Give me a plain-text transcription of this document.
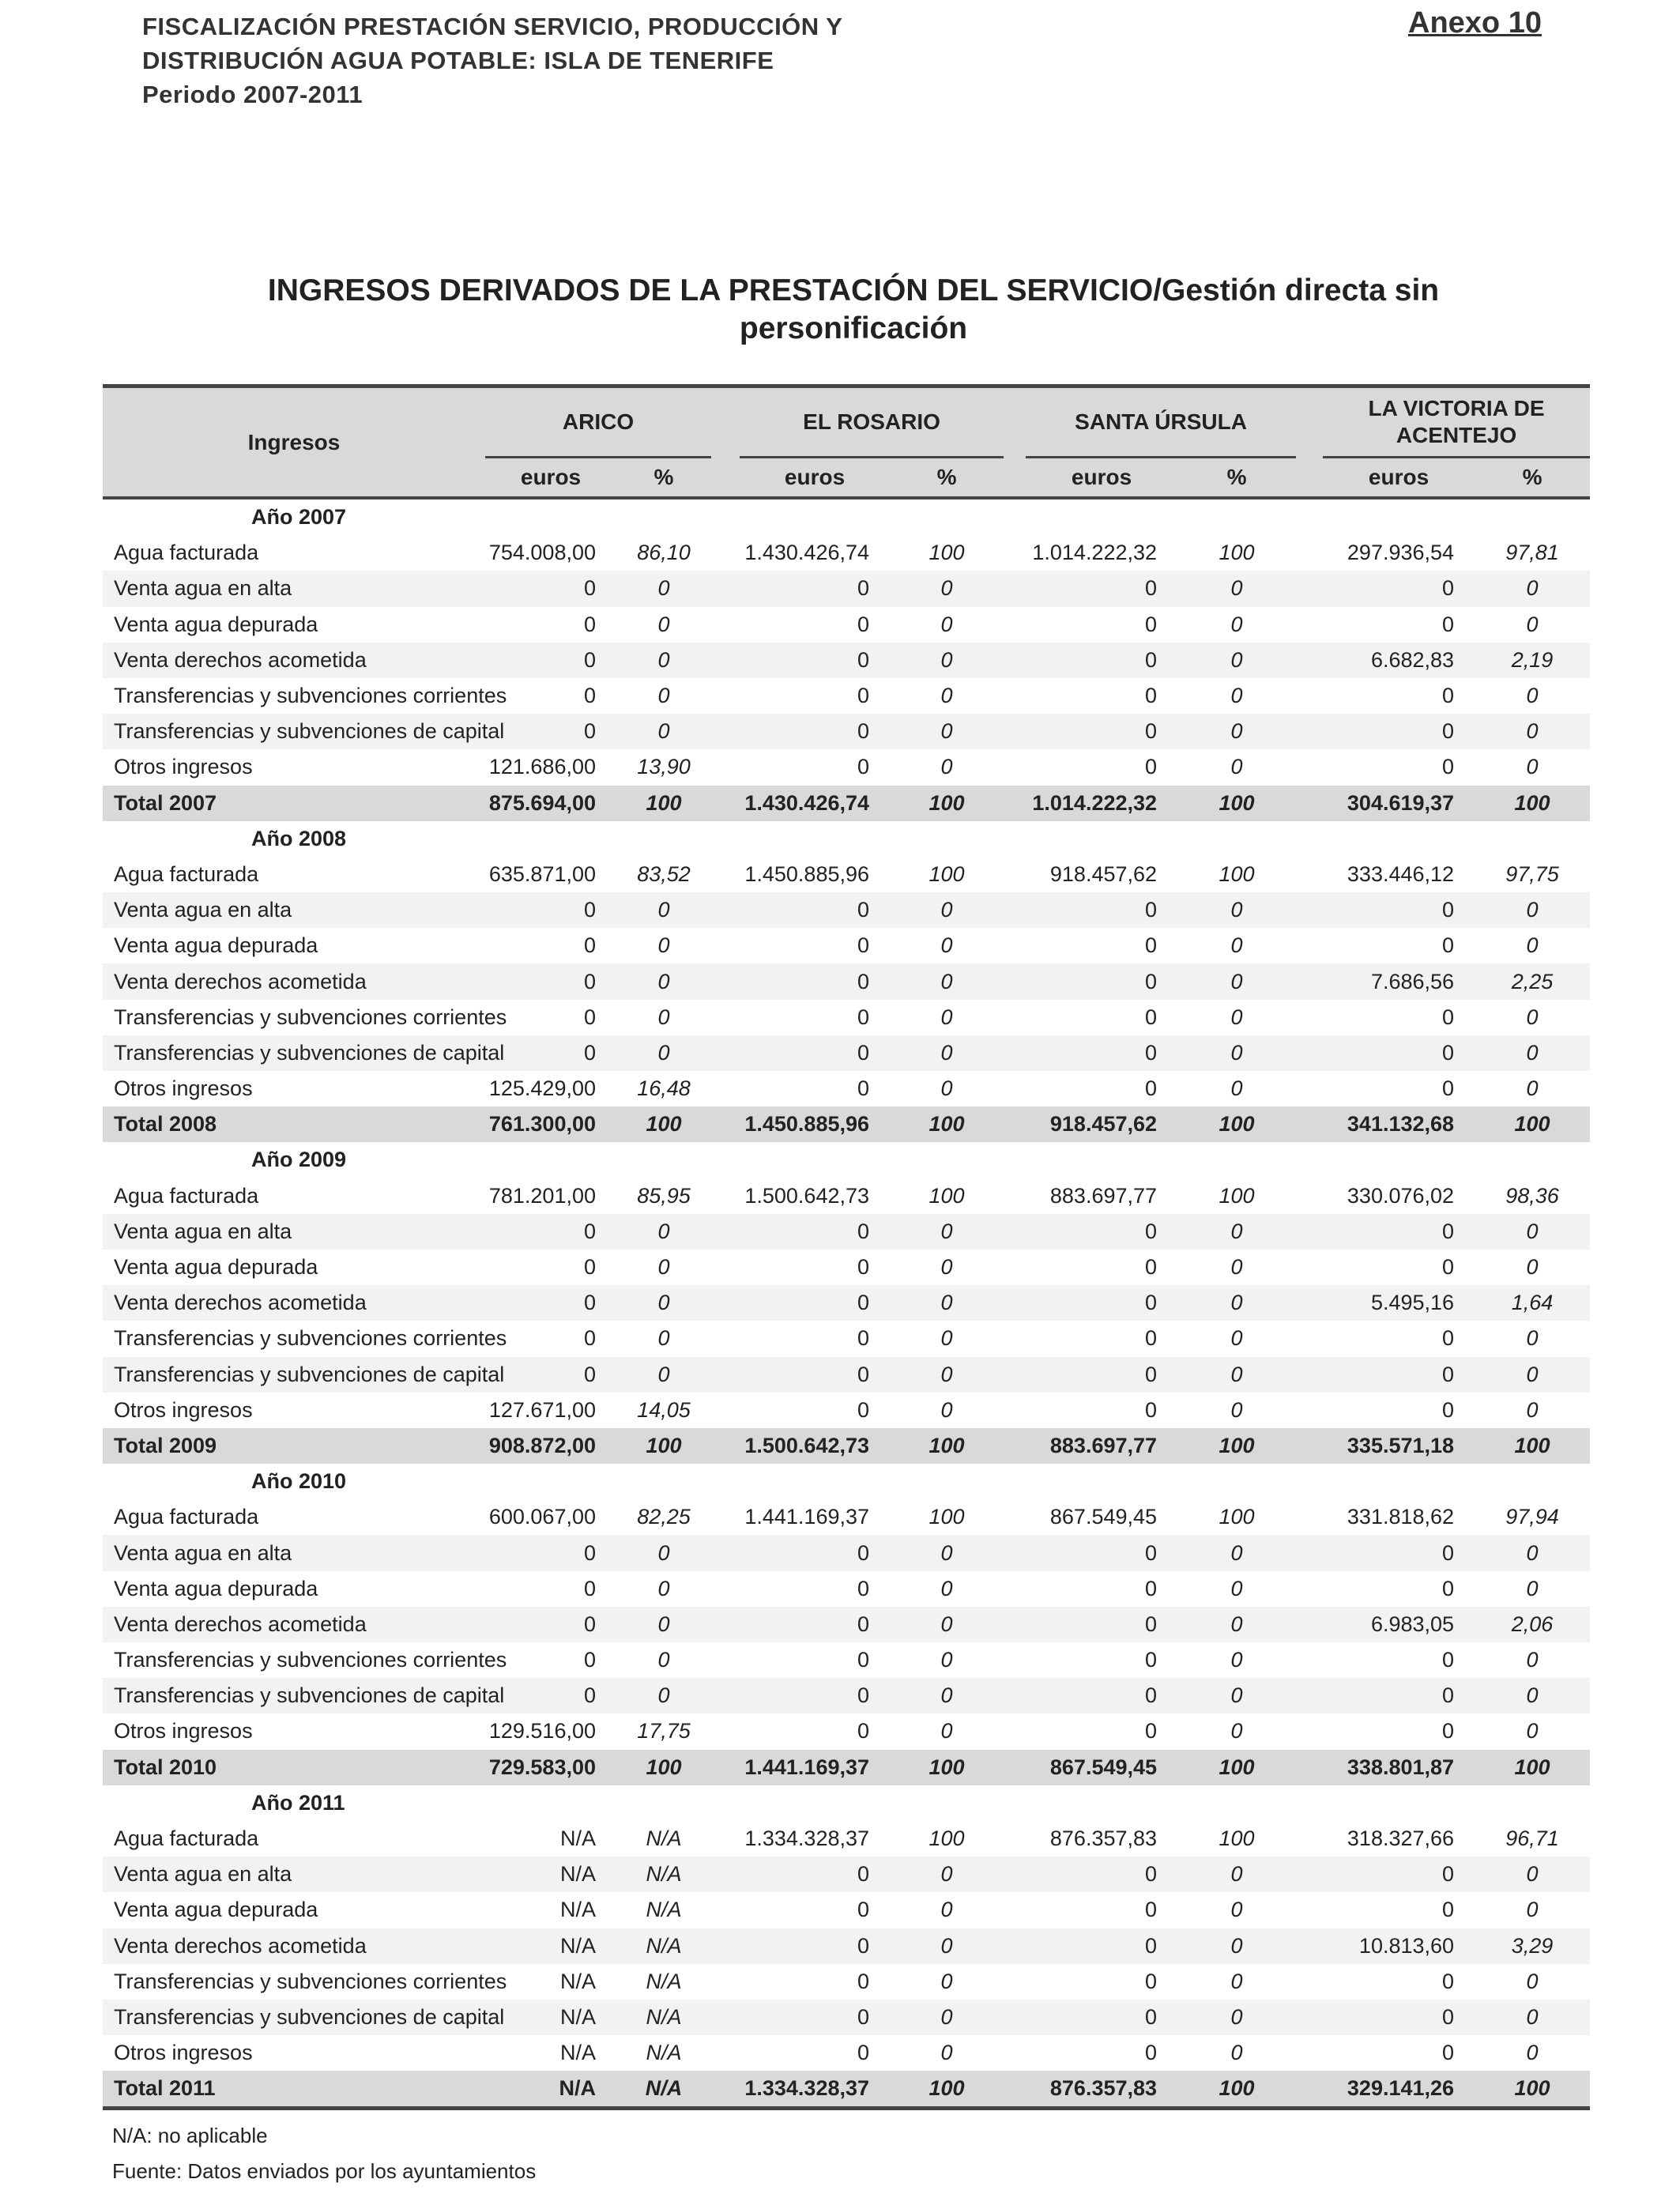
FISCALIZACIÓN PRESTACIÓN SERVICIO, PRODUCCIÓN Y
DISTRIBUCIÓN AGUA POTABLE: ISLA DE TENERIFE
Periodo 2007-2011
Anexo 10
INGRESOS DERIVADOS DE LA PRESTACIÓN DEL SERVICIO/Gestión directa sin
personificación
Ingresos	ARICO			EL ROSARIO			SANTA ÚRSULA			LA VICTORIA DE ACENTEJO	
	euros	%		euros	%		euros	%		euros	%
Año 2007											
Agua facturada	754.008,00	86,10		1.430.426,74	100		1.014.222,32	100		297.936,54	97,81
Venta agua en alta	0	0		0	0		0	0		0	0
Venta agua depurada	0	0		0	0		0	0		0	0
Venta derechos acometida	0	0		0	0		0	0		6.682,83	2,19
Transferencias y subvenciones corrientes	0	0		0	0		0	0		0	0
Transferencias y subvenciones de capital	0	0		0	0		0	0		0	0
Otros ingresos	121.686,00	13,90		0	0		0	0		0	0
Total 2007	875.694,00	100		1.430.426,74	100		1.014.222,32	100		304.619,37	100
Año 2008											
Agua facturada	635.871,00	83,52		1.450.885,96	100		918.457,62	100		333.446,12	97,75
Venta agua en alta	0	0		0	0		0	0		0	0
Venta agua depurada	0	0		0	0		0	0		0	0
Venta derechos acometida	0	0		0	0		0	0		7.686,56	2,25
Transferencias y subvenciones corrientes	0	0		0	0		0	0		0	0
Transferencias y subvenciones de capital	0	0		0	0		0	0		0	0
Otros ingresos	125.429,00	16,48		0	0		0	0		0	0
Total 2008	761.300,00	100		1.450.885,96	100		918.457,62	100		341.132,68	100
Año 2009											
Agua facturada	781.201,00	85,95		1.500.642,73	100		883.697,77	100		330.076,02	98,36
Venta agua en alta	0	0		0	0		0	0		0	0
Venta agua depurada	0	0		0	0		0	0		0	0
Venta derechos acometida	0	0		0	0		0	0		5.495,16	1,64
Transferencias y subvenciones corrientes	0	0		0	0		0	0		0	0
Transferencias y subvenciones de capital	0	0		0	0		0	0		0	0
Otros ingresos	127.671,00	14,05		0	0		0	0		0	0
Total 2009	908.872,00	100		1.500.642,73	100		883.697,77	100		335.571,18	100
Año 2010											
Agua facturada	600.067,00	82,25		1.441.169,37	100		867.549,45	100		331.818,62	97,94
Venta agua en alta	0	0		0	0		0	0		0	0
Venta agua depurada	0	0		0	0		0	0		0	0
Venta derechos acometida	0	0		0	0		0	0		6.983,05	2,06
Transferencias y subvenciones corrientes	0	0		0	0		0	0		0	0
Transferencias y subvenciones de capital	0	0		0	0		0	0		0	0
Otros ingresos	129.516,00	17,75		0	0		0	0		0	0
Total 2010	729.583,00	100		1.441.169,37	100		867.549,45	100		338.801,87	100
Año 2011											
Agua facturada	N/A	N/A		1.334.328,37	100		876.357,83	100		318.327,66	96,71
Venta agua en alta	N/A	N/A		0	0		0	0		0	0
Venta agua depurada	N/A	N/A		0	0		0	0		0	0
Venta derechos acometida	N/A	N/A		0	0		0	0		10.813,60	3,29
Transferencias y subvenciones corrientes	N/A	N/A		0	0		0	0		0	0
Transferencias y subvenciones de capital	N/A	N/A		0	0		0	0		0	0
Otros ingresos	N/A	N/A		0	0		0	0		0	0
Total 2011	N/A	N/A		1.334.328,37	100		876.357,83	100		329.141,26	100
N/A: no aplicable
Fuente: Datos enviados por los ayuntamientos
